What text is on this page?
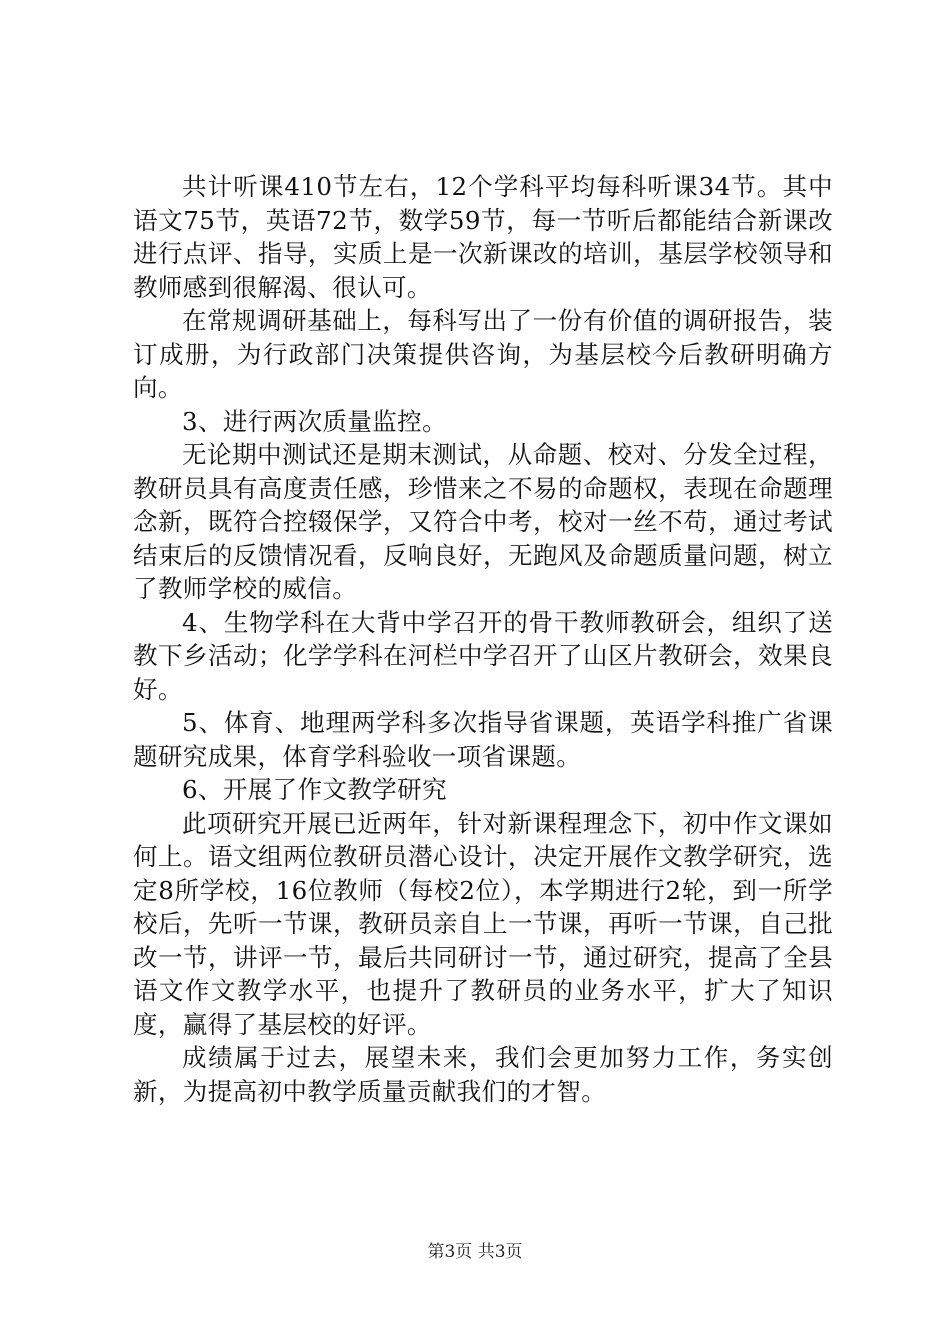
共计听课410节左右，12个学科平均每科听课34节。其中语文75节，英语72节，数学59节，每一节听后都能结合新课改进行点评、指导，实质上是一次新课改的培训，基层学校领导和教师感到很解渴、很认可。

在常规调研基础上，每科写出了一份有价值的调研报告，装订成册，为行政部门决策提供咨询，为基层校今后教研明确方向。

3、进行两次质量监控。

无论期中测试还是期末测试，从命题、校对、分发全过程，教研员具有高度责任感，珍惜来之不易的命题权，表现在命题理念新，既符合控辍保学，又符合中考，校对一丝不苟，通过考试结束后的反馈情况看，反响良好，无跑风及命题质量问题，树立了教师学校的威信。

4、生物学科在大背中学召开的骨干教师教研会，组织了送教下乡活动；化学学科在河栏中学召开了山区片教研会，效果良好。

5、体育、地理两学科多次指导省课题，英语学科推广省课题研究成果，体育学科验收一项省课题。

6、开展了作文教学研究

此项研究开展已近两年，针对新课程理念下，初中作文课如何上。语文组两位教研员潜心设计，决定开展作文教学研究，选定8所学校，16位教师（每校2位），本学期进行2轮，到一所学校后，先听一节课，教研员亲自上一节课，再听一节课，自己批改一节，讲评一节，最后共同研讨一节，通过研究，提高了全县语文作文教学水平，也提升了教研员的业务水平，扩大了知识度，赢得了基层校的好评。

成绩属于过去，展望未来，我们会更加努力工作，务实创新，为提高初中教学质量贡献我们的才智。

第3页 共3页
